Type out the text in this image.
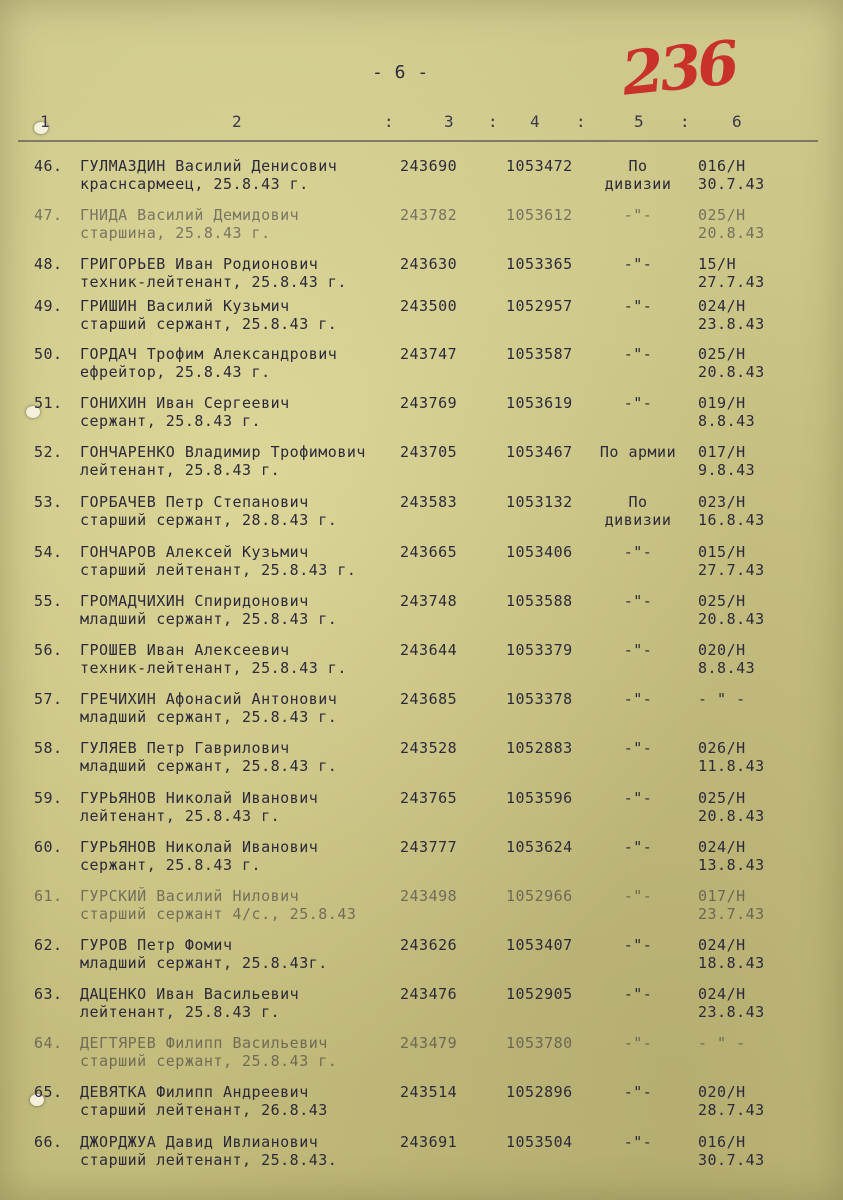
- 6 -	236
1	2	:	3 : 4 :	5 :	6
46. ГУЛМАЗДИН Василий Денисович
краснсармеец, 25.8.43 г.
243690	1053472	По дивизии
016/Н
30.7.43
47. ГНИДА Василий Демидович
старшина, 25.8.43 г.
243782	1053612	-"-	025/Н
20.8.43
48. ГРИГОРЬЕВ Иван Родионович
техник-лейтенант, 25.8.43 г.
243630	1053365	-"-	15/Н
27.7.43
49. ГРИШИН Василий Кузьмич
старший сержант, 25.8.43 г.
243500	1052957	-"-	024/Н
23.8.43
50. ГОРДАЧ Трофим Александрович
ефрейтор, 25.8.43 г.
243747	1053587	-"-	025/Н
20.8.43
51. ГОНИХИН Иван Сергеевич
сержант, 25.8.43 г.
243769	1053619	-"-	019/Н
8.8.43
52. ГОНЧАРЕНКО Владимир Трофимович
лейтенант, 25.8.43 г.
243705	1053467 По армии 017/Н
9.8.43
53. ГОРБАЧЕВ Петр Степанович
старший сержант, 28.8.43 г.
243583	1053132	По дивизии
023/Н
16.8.43
54. ГОНЧАРОВ Алексей Кузьмич
старший лейтенант, 25.8.43 г.
243665	1053406	-"-	015/Н
27.7.43
55. ГРОМАДЧИХИН Спиридонович
младший сержант, 25.8.43 г.
243748	1053588	-"-	025/Н
20.8.43
56. ГРОШЕВ Иван Алексеевич
техник-лейтенант, 25.8.43 г.
243644	1053379	-"-	020/Н
8.8.43
57. ГРЕЧИХИН Афонасий Антонович
младший сержант, 25.8.43 г.
243685	1053378	-"-	- " -
58. ГУЛЯЕВ Петр Гаврилович
младший сержант, 25.8.43 г.
243528	1052883	-"-	026/Н
11.8.43
59. ГУРЬЯНОВ Николай Иванович
лейтенант, 25.8.43 г.
243765	1053596	-"-	025/Н
20.8.43
60. ГУРЬЯНОВ Николай Иванович
сержант, 25.8.43 г.
243777	1053624	-"-	024/Н
13.8.43
61. ГУРСКИЙ Василий Нилович
старший сержант 4/с., 25.8.43
243498	1052966	-"-	017/Н
23.7.43
62. ГУРОВ Петр Фомич
младший сержант, 25.8.43г.
243626	1053407	-"-	024/Н
18.8.43
63. ДАЦЕНКО Иван Васильевич
лейтенант, 25.8.43 г.
243476	1052905	-"-	024/Н
23.8.43
64. ДЕГТЯРЕВ Филипп Васильевич
старший сержант, 25.8.43 г.
243479	1053780	-"-	- " -
65. ДЕВЯТКА Филипп Андреевич
старший лейтенант, 26.8.43
243514	1052896	-"-	020/Н
28.7.43
66. ДЖОРДЖУА Давид Ивлианович
старший лейтенант, 25.8.43.
243691	1053504	-"-	016/Н
30.7.43
